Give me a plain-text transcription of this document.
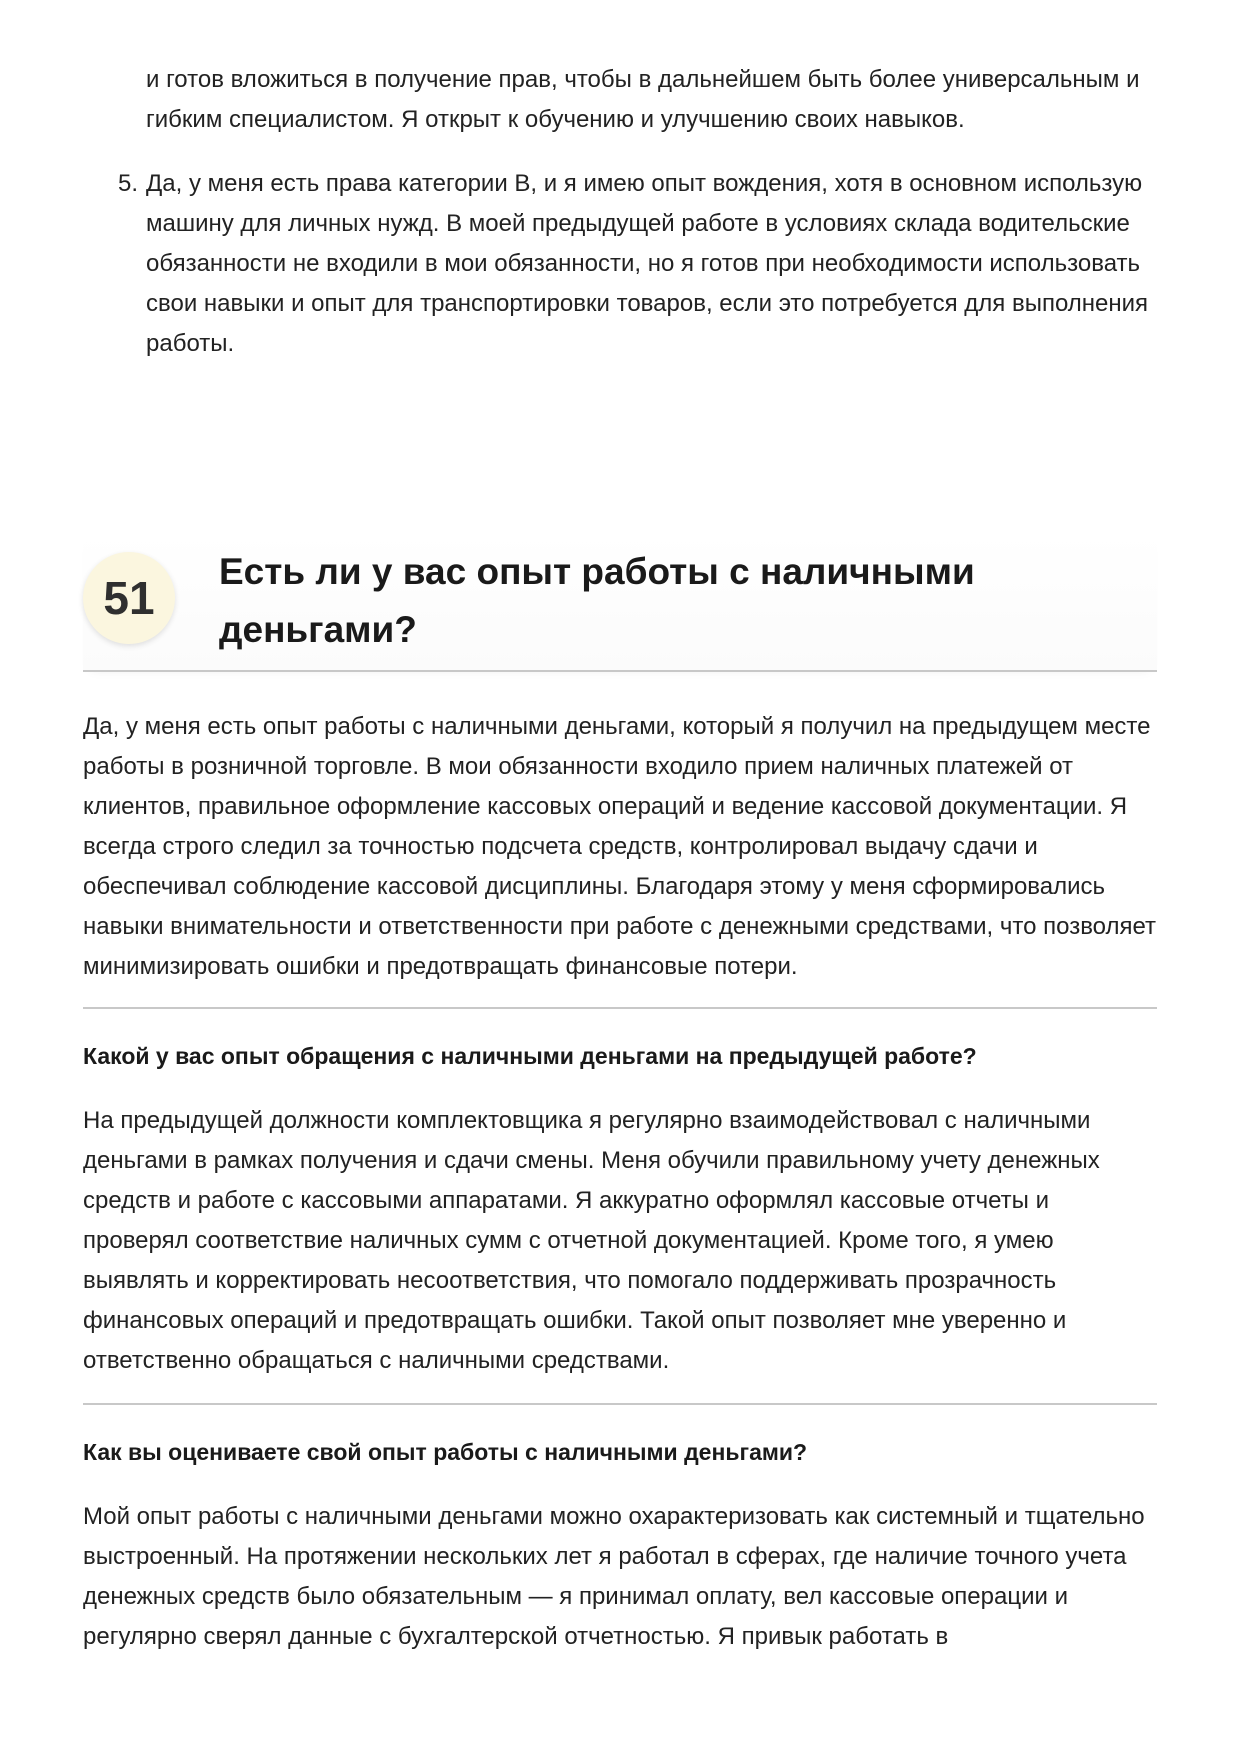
и готов вложиться в получение прав, чтобы в дальнейшем быть более универсальным и гибким специалистом. Я открыт к обучению и улучшению своих навыков.

5. Да, у меня есть права категории B, и я имею опыт вождения, хотя в основном использую машину для личных нужд. В моей предыдущей работе в условиях склада водительские обязанности не входили в мои обязанности, но я готов при необходимости использовать свои навыки и опыт для транспортировки товаров, если это потребуется для выполнения работы.

51
Есть ли у вас опыт работы с наличными деньгами?

Да, у меня есть опыт работы с наличными деньгами, который я получил на предыдущем месте работы в розничной торговле. В мои обязанности входило прием наличных платежей от клиентов, правильное оформление кассовых операций и ведение кассовой документации. Я всегда строго следил за точностью подсчета средств, контролировал выдачу сдачи и обеспечивал соблюдение кассовой дисциплины. Благодаря этому у меня сформировались навыки внимательности и ответственности при работе с денежными средствами, что позволяет минимизировать ошибки и предотвращать финансовые потери.

Какой у вас опыт обращения с наличными деньгами на предыдущей работе?

На предыдущей должности комплектовщика я регулярно взаимодействовал с наличными деньгами в рамках получения и сдачи смены. Меня обучили правильному учету денежных средств и работе с кассовыми аппаратами. Я аккуратно оформлял кассовые отчеты и проверял соответствие наличных сумм с отчетной документацией. Кроме того, я умею выявлять и корректировать несоответствия, что помогало поддерживать прозрачность финансовых операций и предотвращать ошибки. Такой опыт позволяет мне уверенно и ответственно обращаться с наличными средствами.

Как вы оцениваете свой опыт работы с наличными деньгами?

Мой опыт работы с наличными деньгами можно охарактеризовать как системный и тщательно выстроенный. На протяжении нескольких лет я работал в сферах, где наличие точного учета денежных средств было обязательным — я принимал оплату, вел кассовые операции и регулярно сверял данные с бухгалтерской отчетностью. Я привык работать в
